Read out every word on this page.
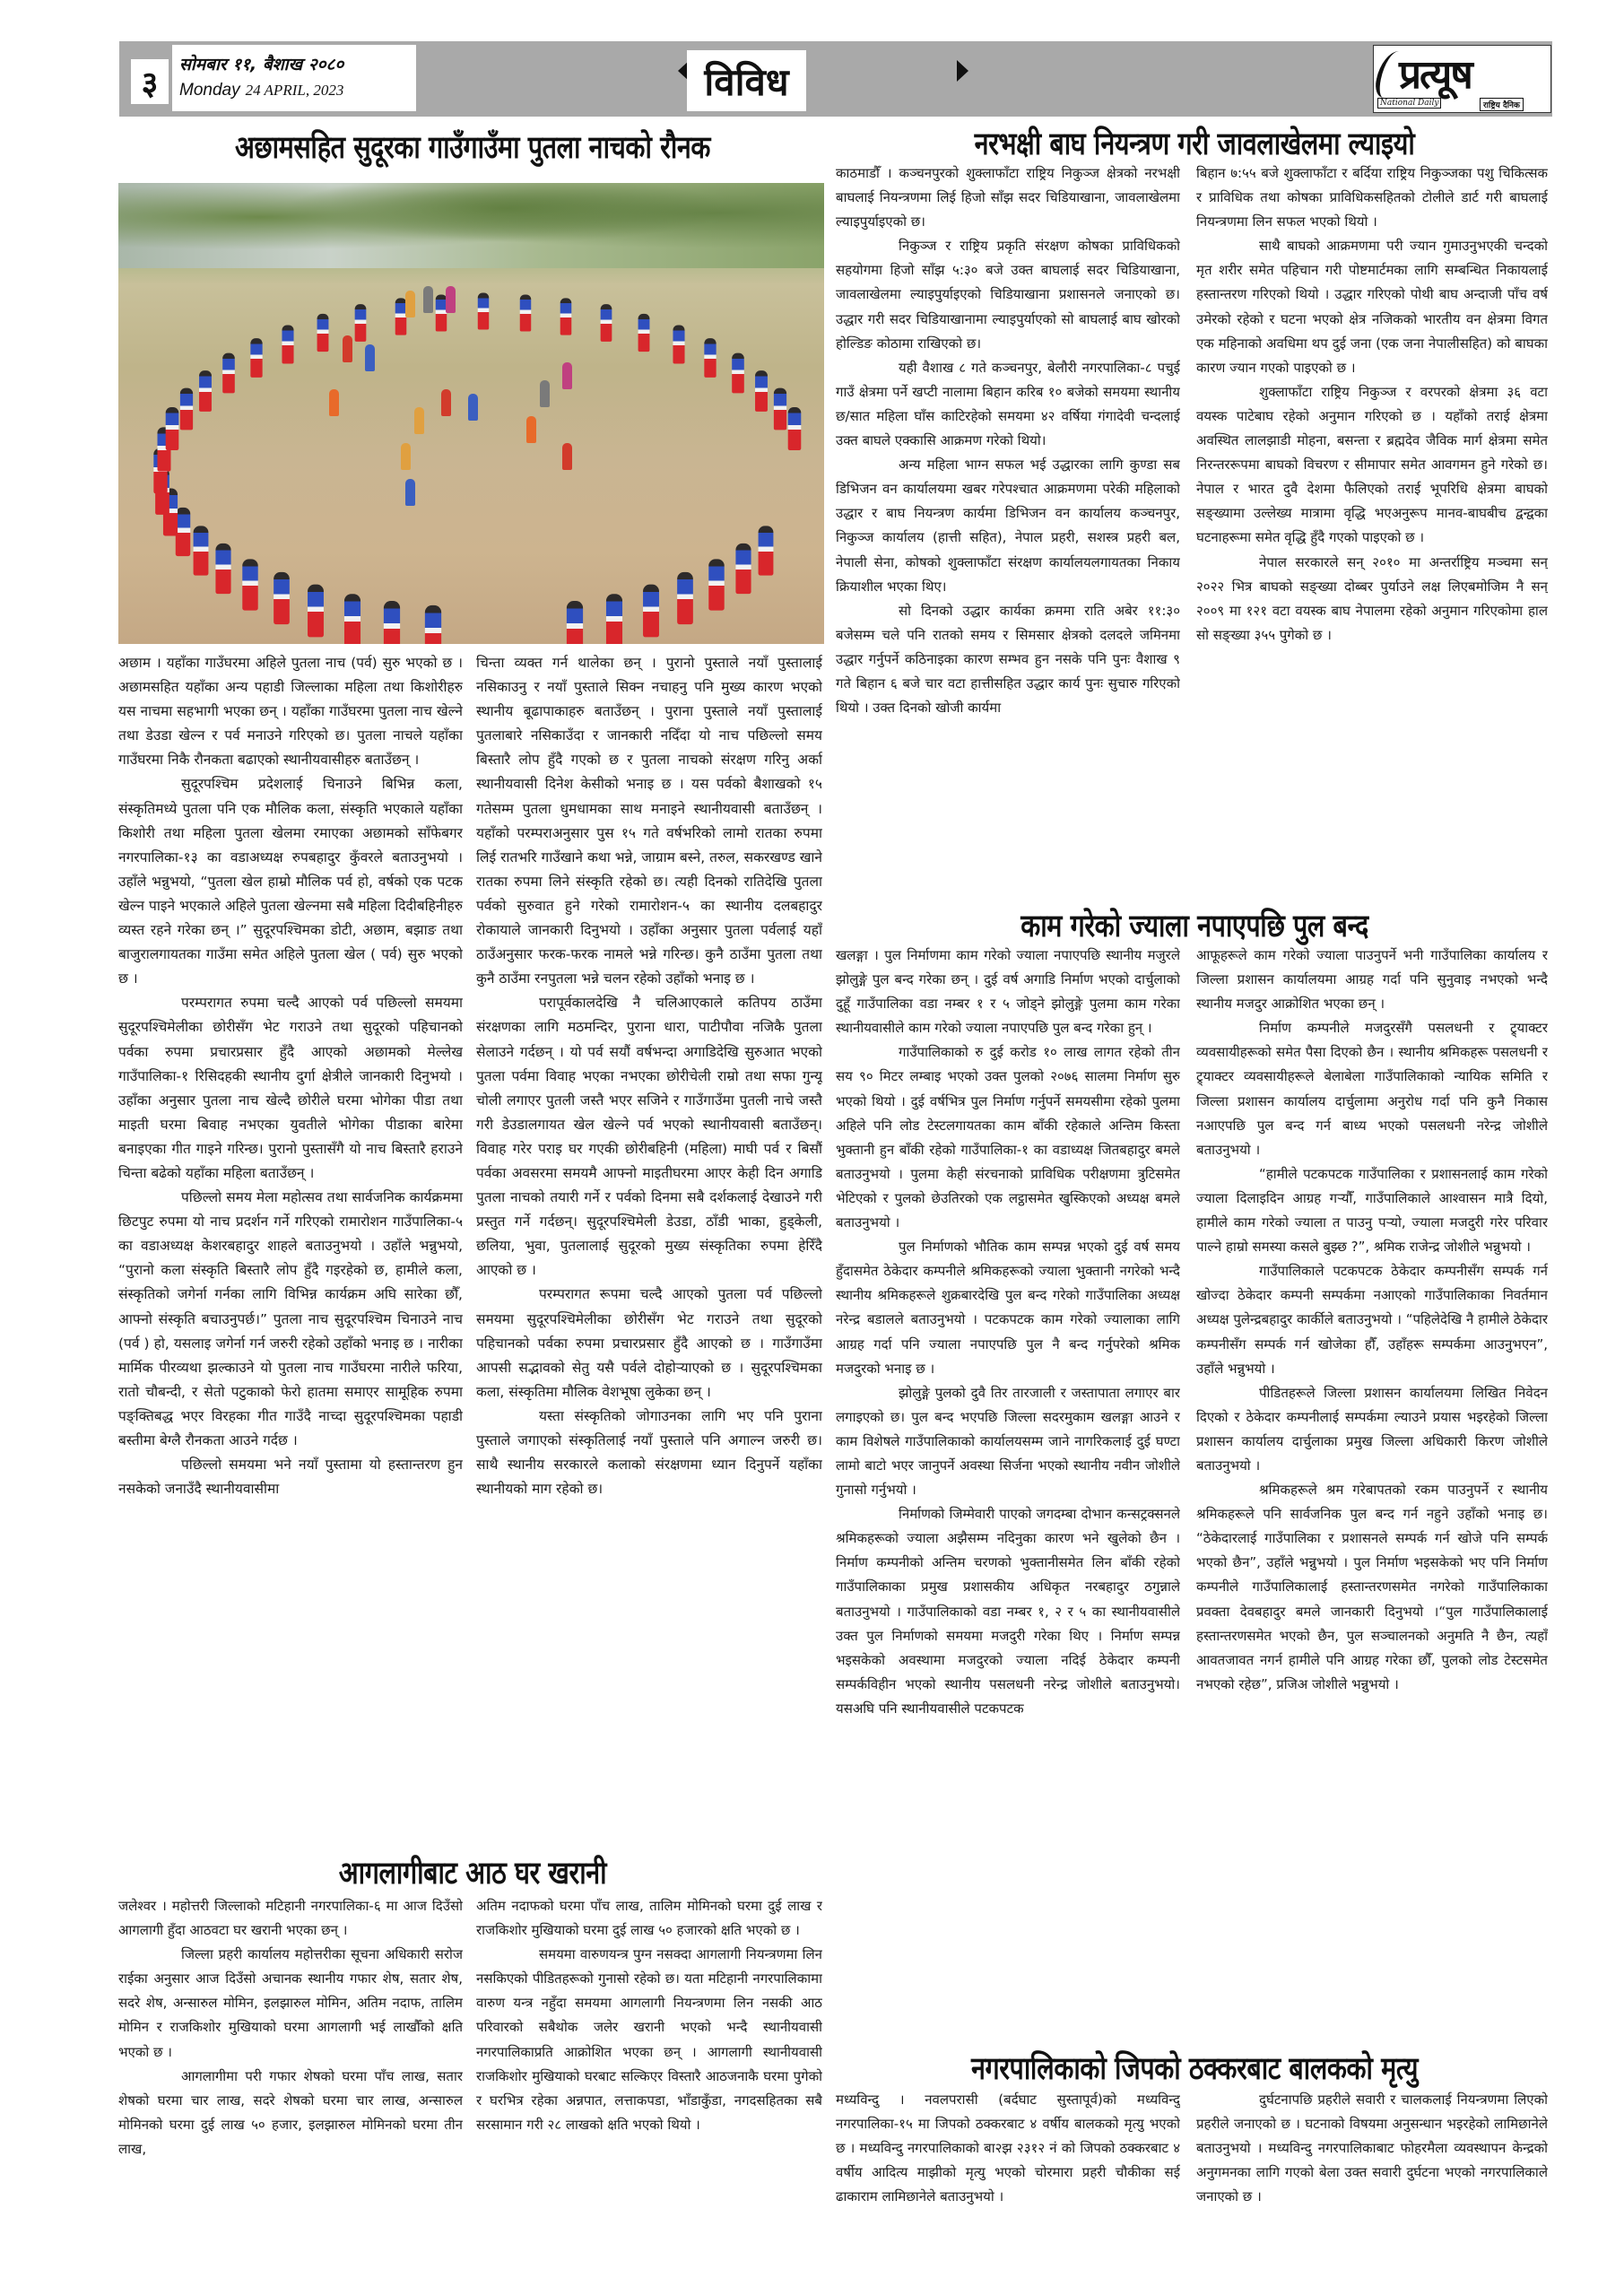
३
सोमबार ११, बैशाख २०८०
Monday 24 APRIL, 2023	विविध	प्रत्यूष
National Daily	राष्ट्रिय दैनिक
अछामसहित सुदूरका गाउँगाउँमा पुतला नाचको रौनक

अछाम । यहाँका गाउँघरमा अहिले पुतला नाच (पर्व) सुरु भएको छ । अछामसहित यहाँका अन्य पहाडी जिल्लाका महिला तथा किशोरीहरु यस नाचमा सहभागी भएका छन् । यहाँका गाउँघरमा पुतला नाच खेल्ने तथा डेउडा खेल्न र पर्व मनाउने गरिएको छ। पुतला नाचले यहाँका गाउँघरमा निकै रौनकता बढाएको स्थानीयवासीहरु बताउँछन् ।

सुदूरपश्चिम प्रदेशलाई चिनाउने बिभिन्न कला, संस्कृतिमध्ये पुतला पनि एक मौलिक कला, संस्कृति भएकाले यहाँका किशोरी तथा महिला पुतला खेलमा रमाएका अछामको साँफेबगर नगरपालिका-१३ का वडाअध्यक्ष रुपबहादुर कुँवरले बताउनुभयो । उहाँले भन्नुभयो, “पुतला खेल हाम्रो मौलिक पर्व हो, वर्षको एक पटक खेल्न पाइने भएकाले अहिले पुतला खेल्नमा सबै महिला दिदीबहिनीहरु व्यस्त रहने गरेका छन् ।” सुदूरपश्चिमका डोटी, अछाम, बझाङ तथा बाजुरालगायतका गाउँमा समेत अहिले पुतला खेल ( पर्व) सुरु भएको छ ।

परम्परागत रुपमा चल्दै आएको पर्व पछिल्लो समयमा सुदूरपश्चिमेलीका छोरीसँग भेट गराउने तथा सुदूरको पहिचानको पर्वका रुपमा प्रचारप्रसार हुँदै आएको अछामको मेल्लेख गाउँपालिका-१ रिसिदहकी स्थानीय दुर्गा क्षेत्रीले जानकारी दिनुभयो । उहाँका अनुसार पुतला नाच खेल्दै छोरीले घरमा भोगेका पीडा तथा माइती घरमा बिवाह नभएका युवतीले भोगेका पीडाका बारेमा बनाइएका गीत गाइने गरिन्छ। पुरानो पुस्तासँगै यो नाच बिस्तारै हराउने चिन्ता बढेको यहाँका महिला बताउँछन् ।

पछिल्लो समय मेला महोत्सव तथा सार्वजनिक कार्यक्रममा छिटपुट रुपमा यो नाच प्रदर्शन गर्ने गरिएको रामारोशन गाउँपालिका-५ का वडाअध्यक्ष केशरबहादुर शाहले बताउनुभयो । उहाँले भन्नुभयो, “पुरानो कला संस्कृति बिस्तारै लोप हुँदै गइरहेको छ, हामीले कला, संस्कृतिको जगेर्ना गर्नका लागि विभिन्न कार्यक्रम अघि सारेका छौँ, आफ्नो संस्कृति बचाउनुपर्छ।” पुतला नाच सुदूरपश्चिम चिनाउने नाच (पर्व ) हो, यसलाइ जगेर्ना गर्न जरुरी रहेको उहाँको भनाइ छ । नारीका मार्मिक पीरव्यथा झल्काउने यो पुतला नाच गाउँघरमा नारीले फरिया, रातो चौबन्दी, र सेतो पटुकाको फेरो हातमा समाएर सामूहिक रुपमा पङ्क्तिबद्ध भएर विरहका गीत गाउँदै नाच्दा सुदूरपश्चिमका पहाडी बस्तीमा बेग्लै रौनकता आउने गर्दछ ।

पछिल्लो समयमा भने नयाँ पुस्तामा यो हस्तान्तरण हुन नसकेको जनाउँदै स्थानीयवासीमा

चिन्ता व्यक्त गर्न थालेका छन् । पुरानो पुस्ताले नयाँ पुस्तालाई नसिकाउनु र नयाँ पुस्ताले सिक्न नचाहनु पनि मुख्य कारण भएको स्थानीय बूढापाकाहरु बताउँछन् । पुराना पुस्ताले नयाँ पुस्तालाई पुतलाबारे नसिकाउँदा र जानकारी नदिँदा यो नाच पछिल्लो समय बिस्तारै लोप हुँदै गएको छ र पुतला नाचको संरक्षण गरिनु अर्का स्थानीयवासी दिनेश केसीको भनाइ छ । यस पर्वको बैशाखको १५ गतेसम्म पुतला धुमधामका साथ मनाइने स्थानीयवासी बताउँछन् । यहाँको परम्पराअनुसार पुस १५ गते वर्षभरिको लामो रातका रुपमा लिई रातभरि गाउँखाने कथा भन्ने, जाग्राम बस्ने, तरुल, सकरखण्ड खाने रातका रुपमा लिने संस्कृति रहेको छ। त्यही दिनको रातिदेखि पुतला पर्वको सुरुवात हुने गरेको रामारोशन-५ का स्थानीय दलबहादुर रोकायाले जानकारी दिनुभयो । उहाँका अनुसार पुतला पर्वलाई यहाँ ठाउँअनुसार फरक-फरक नामले भन्ने गरिन्छ। कुनै ठाउँमा पुतला तथा कुनै ठाउँमा रनपुतला भन्ने चलन रहेको उहाँको भनाइ छ ।

परापूर्वकालदेखि नै चलिआएकाले कतिपय ठाउँमा संरक्षणका लागि मठमन्दिर, पुराना धारा, पाटीपौवा नजिकै पुतला सेलाउने गर्दछन् । यो पर्व सयौं वर्षभन्दा अगाडिदेखि सुरुआत भएको पुतला पर्वमा विवाह भएका नभएका छोरीचेली राम्रो तथा सफा गुन्यू चोली लगाएर पुतली जस्तै भएर सजिने र गाउँगाउँमा पुतली नाचे जस्तै गरी डेउडालगायत खेल खेल्ने पर्व भएको स्थानीयवासी बताउँछन्। विवाह गरेर पराइ घर गएकी छोरीबहिनी (महिला) माघी पर्व र बिसौं पर्वका अवसरमा समयमै आफ्नो माइतीघरमा आएर केही दिन अगाडि पुतला नाचको तयारी गर्ने र पर्वको दिनमा सबै दर्शकलाई देखाउने गरी प्रस्तुत गर्ने गर्दछन्। सुदूरपश्चिमेली डेउडा, ठाँडी भाका, हुड्केली, छलिया, भुवा, पुतलालाई सुदूरको मुख्य संस्कृतिका रुपमा हेरिँदै आएको छ ।

परम्परागत रूपमा चल्दै आएको पुतला पर्व पछिल्लो समयमा सुदूरपश्चिमेलीका छोरीसँग भेट गराउने तथा सुदूरको पहिचानको पर्वका रुपमा प्रचारप्रसार हुँदै आएको छ । गाउँगाउँमा आपसी सद्भावको सेतु यसै पर्वले दोहोर्‍याएको छ । सुदूरपश्चिमका कला, संस्कृतिमा मौलिक वेशभूषा लुकेका छन् ।

यस्ता संस्कृतिको जोगाउनका लागि भए पनि पुराना पुस्ताले जगाएको संस्कृतिलाई नयाँ पुस्ताले पनि अगाल्न जरुरी छ। साथै स्थानीय सरकारले कलाको संरक्षणमा ध्यान दिनुपर्ने यहाँका स्थानीयको माग रहेको छ।

आगलागीबाट आठ घर खरानी

जलेश्वर । महोत्तरी जिल्लाको मटिहानी नगरपालिका-६ मा आज दिउँसो आगलागी हुँदा आठवटा घर खरानी भएका छन् ।

जिल्ला प्रहरी कार्यालय महोत्तरीका सूचना अधिकारी सरोज राईका अनुसार आज दिउँसो अचानक स्थानीय गफार शेष, सतार शेष, सदरे शेष, अन्सारुल मोमिन, इलझारुल मोमिन, अतिम नदाफ, तालिम मोमिन र राजकिशोर मुखियाको घरमा आगलागी भई लाखौँको क्षति भएको छ ।

आगलागीमा परी गफार शेषको घरमा पाँच लाख, सतार शेषको घरमा चार लाख, सदरे शेषको घरमा चार लाख, अन्सारुल मोमिनको घरमा दुई लाख ५० हजार, इलझारुल मोमिनको घरमा तीन लाख,

अतिम नदाफको घरमा पाँच लाख, तालिम मोमिनको घरमा दुई लाख र राजकिशोर मुखियाको घरमा दुई लाख ५० हजारको क्षति भएको छ ।

समयमा वारुणयन्त्र पुग्न नसक्दा आगलागी नियन्त्रणमा लिन नसकिएको पीडितहरूको गुनासो रहेको छ। यता मटिहानी नगरपालिकामा वारुण यन्त्र नहुँदा समयमा आगलागी नियन्त्रणमा लिन नसकी आठ परिवारको सबैथोक जलेर खरानी भएको भन्दै स्थानीयवासी नगरपालिकाप्रति आक्रोशित भएका छन् । आगलागी स्थानीयवासी राजकिशोर मुखियाको घरबाट सल्किएर विस्तारै आठजनाकै घरमा पुगेको र घरभित्र रहेका अन्नपात, लत्ताकपडा, भाँडाकुँडा, नगदसहितका सबै सरसामान गरी २८ लाखको क्षति भएको थियो ।

नरभक्षी बाघ नियन्त्रण गरी जावलाखेलमा ल्याइयो

काठमाडौँ । कञ्चनपुरको शुक्लाफाँटा राष्ट्रिय निकुञ्ज क्षेत्रको नरभक्षी बाघलाई नियन्त्रणमा लिई हिजो साँझ सदर चिडियाखाना, जावलाखेलमा ल्याइपुर्याइएको छ।

निकुञ्ज र राष्ट्रिय प्रकृति संरक्षण कोषका प्राविधिकको सहयोगमा हिजो साँझ ५:३० बजे उक्त बाघलाई सदर चिडियाखाना, जावलाखेलमा ल्याइपुर्याइएको चिडियाखाना प्रशासनले जनाएको छ। उद्धार गरी सदर चिडियाखानामा ल्याइपुर्याएको सो बाघलाई बाघ खोरको होल्डिङ कोठामा राखिएको छ।

यही वैशाख ८ गते कञ्चनपुर, बेलौरी नगरपालिका-८ पचुई गाउँ क्षेत्रमा पर्ने खप्टी नालामा बिहान करिब १० बजेको समयमा स्थानीय छ/सात महिला घाँस काटिरहेको समयमा ४२ वर्षिया गंगादेवी चन्दलाई उक्त बाघले एक्कासि आक्रमण गरेको थियो।

अन्य महिला भाग्न सफल भई उद्धारका लागि कुण्डा सब डिभिजन वन कार्यालयमा खबर गरेपश्चात आक्रमणमा परेकी महिलाको उद्धार र बाघ नियन्त्रण कार्यमा डिभिजन वन कार्यालय कञ्चनपुर, निकुञ्ज कार्यालय (हात्ती सहित), नेपाल प्रहरी, सशस्त्र प्रहरी बल, नेपाली सेना, कोषको शुक्लाफाँटा संरक्षण कार्यालयलगायतका निकाय क्रियाशील भएका थिए।

सो दिनको उद्धार कार्यका क्रममा राति अबेर ११:३० बजेसम्म चले पनि रातको समय र सिमसार क्षेत्रको दलदले जमिनमा उद्धार गर्नुपर्ने कठिनाइका कारण सम्भव हुन नसके पनि पुनः वैशाख ९ गते बिहान ६ बजे चार वटा हात्तीसहित उद्धार कार्य पुनः सुचारु गरिएको थियो । उक्त दिनको खोजी कार्यमा

बिहान ७:५५ बजे शुक्लाफाँटा र बर्दिया राष्ट्रिय निकुञ्जका पशु चिकित्सक र प्राविधिक तथा कोषका प्राविधिकसहितको टोलीले डार्ट गरी बाघलाई नियन्त्रणमा लिन सफल भएको थियो ।

साथै बाघको आक्रमणमा परी ज्यान गुमाउनुभएकी चन्दको मृत शरीर समेत पहिचान गरी पोष्टमार्टमका लागि सम्बन्धित निकायलाई हस्तान्तरण गरिएको थियो । उद्धार गरिएको पोथी बाघ अन्दाजी पाँच वर्ष उमेरको रहेको र घटना भएको क्षेत्र नजिकको भारतीय वन क्षेत्रमा विगत एक महिनाको अवधिमा थप दुई जना (एक जना नेपालीसहित) को बाघका कारण ज्यान गएको पाइएको छ ।

शुक्लाफाँटा राष्ट्रिय निकुञ्ज र वरपरको क्षेत्रमा ३६ वटा वयस्क पाटेबाघ रहेको अनुमान गरिएको छ । यहाँको तराई क्षेत्रमा अवस्थित लालझाडी मोहना, बसन्ता र ब्रह्मदेव जैविक मार्ग क्षेत्रमा समेत निरन्तररूपमा बाघको विचरण र सीमापार समेत आवगमन हुने गरेको छ। नेपाल र भारत दुवै देशमा फैलिएको तराई भूपरिधि क्षेत्रमा बाघको सङ्ख्यामा उल्लेख्य मात्रामा वृद्धि भएअनुरूप मानव-बाघबीच द्वन्द्वका घटनाहरूमा समेत वृद्धि हुँदै गएको पाइएको छ ।

नेपाल सरकारले सन् २०१० मा अन्तर्राष्ट्रिय मञ्चमा सन् २०२२ भित्र बाघको सङ्ख्या दोब्बर पुर्याउने लक्ष लिएबमोजिम नै सन् २००९ मा १२१ वटा वयस्क बाघ नेपालमा रहेको अनुमान गरिएकोमा हाल सो सङ्ख्या ३५५ पुगेको छ ।

काम गरेको ज्याला नपाएपछि पुल बन्द

खलङ्गा । पुल निर्माणमा काम गरेको ज्याला नपाएपछि स्थानीय मजुरले झोलुङ्गे पुल बन्द गरेका छन् । दुई वर्ष अगाडि निर्माण भएको दार्चुलाको दुहूँ गाउँपालिका वडा नम्बर १ र ५ जोड्ने झोलुङ्गे पुलमा काम गरेका स्थानीयवासीले काम गरेको ज्याला नपाएपछि पुल बन्द गरेका हुन् ।

गाउँपालिकाको रु दुई करोड १० लाख लागत रहेको तीन सय ९० मिटर लम्बाइ भएको उक्त पुलको २०७६ सालमा निर्माण सुरु भएको थियो । दुई वर्षभित्र पुल निर्माण गर्नुपर्ने समयसीमा रहेको पुलमा अहिले पनि लोड टेस्टलगायतका काम बाँकी रहेकाले अन्तिम किस्ता भुक्तानी हुन बाँकी रहेको गाउँपालिका-१ का वडाध्यक्ष जितबहादुर बमले बताउनुभयो । पुलमा केही संरचनाको प्राविधिक परीक्षणमा त्रुटिसमेत भेटिएको र पुलको छेउतिरको एक लट्ठासमेत खुस्किएको अध्यक्ष बमले बताउनुभयो ।

पुल निर्माणको भौतिक काम सम्पन्न भएको दुई वर्ष समय हुँदासमेत ठेकेदार कम्पनीले श्रमिकहरूको ज्याला भुक्तानी नगरेको भन्दै स्थानीय श्रमिकहरूले शुक्रबारदेखि पुल बन्द गरेको गाउँपालिका अध्यक्ष नरेन्द्र बडालले बताउनुभयो । पटकपटक काम गरेको ज्यालाका लागि आग्रह गर्दा पनि ज्याला नपाएपछि पुल नै बन्द गर्नुपरेको श्रमिक मजदुरको भनाइ छ ।

झोलुङ्गे पुलको दुवै तिर तारजाली र जस्तापाता लगाएर बार लगाइएको छ। पुल बन्द भएपछि जिल्ला सदरमुकाम खलङ्गा आउने र काम विशेषले गाउँपालिकाको कार्यालयसम्म जाने नागरिकलाई दुई घण्टा लामो बाटो भएर जानुपर्ने अवस्था सिर्जना भएको स्थानीय नवीन जोशीले गुनासो गर्नुभयो ।

निर्माणको जिम्मेवारी पाएको जगदम्बा दोभान कन्सट्रक्सनले श्रमिकहरूको ज्याला अझैसम्म नदिनुका कारण भने खुलेको छैन । निर्माण कम्पनीको अन्तिम चरणको भुक्तानीसमेत लिन बाँकी रहेको गाउँपालिकाका प्रमुख प्रशासकीय अधिकृत नरबहादुर ठगुन्नाले बताउनुभयो । गाउँपालिकाको वडा नम्बर १, २ र ५ का स्थानीयवासीले उक्त पुल निर्माणको समयमा मजदुरी गरेका थिए । निर्माण सम्पन्न भइसकेको अवस्थामा मजदुरको ज्याला नदिई ठेकेदार कम्पनी सम्पर्कविहीन भएको स्थानीय पसलधनी नरेन्द्र जोशीले बताउनुभयो। यसअघि पनि स्थानीयवासीले पटकपटक

आफूहरूले काम गरेको ज्याला पाउनुपर्ने भनी गाउँपालिका कार्यालय र जिल्ला प्रशासन कार्यालयमा आग्रह गर्दा पनि सुनुवाइ नभएको भन्दै स्थानीय मजदुर आक्रोशित भएका छन् ।

निर्माण कम्पनीले मजदुरसँगै पसलधनी र ट्र्याक्टर व्यवसायीहरूको समेत पैसा दिएको छैन । स्थानीय श्रमिकहरू पसलधनी र ट्र्याक्टर व्यवसायीहरूले बेलाबेला गाउँपालिकाको न्यायिक समिति र जिल्ला प्रशासन कार्यालय दार्चुलामा अनुरोध गर्दा पनि कुनै निकास नआएपछि पुल बन्द गर्न बाध्य भएको पसलधनी नरेन्द्र जोशीले बताउनुभयो ।

“हामीले पटकपटक गाउँपालिका र प्रशासनलाई काम गरेको ज्याला दिलाइदिन आग्रह गर्‍यौँ, गाउँपालिकाले आश्वासन मात्रै दियो, हामीले काम गरेको ज्याला त पाउनु पर्‍यो, ज्याला मजदुरी गरेर परिवार पाल्ने हाम्रो समस्या कसले बुझ्छ ?”, श्रमिक राजेन्द्र जोशीले भन्नुभयो ।

गाउँपालिकाले पटकपटक ठेकेदार कम्पनीसँग सम्पर्क गर्न खोज्दा ठेकेदार कम्पनी सम्पर्कमा नआएको गाउँपालिकाका निवर्तमान अध्यक्ष पुलेन्द्रबहादुर कार्कीले बताउनुभयो । “पहिलेदेखि नै हामीले ठेकेदार कम्पनीसँग सम्पर्क गर्न खोजेका हौँ, उहाँहरू सम्पर्कमा आउनुभएन”, उहाँले भन्नुभयो ।

पीडितहरूले जिल्ला प्रशासन कार्यालयमा लिखित निवेदन दिएको र ठेकेदार कम्पनीलाई सम्पर्कमा ल्याउने प्रयास भइरहेको जिल्ला प्रशासन कार्यालय दार्चुलाका प्रमुख जिल्ला अधिकारी किरण जोशीले बताउनुभयो ।

श्रमिकहरूले श्रम गरेबापतको रकम पाउनुपर्ने र स्थानीय श्रमिकहरूले पनि सार्वजनिक पुल बन्द गर्न नहुने उहाँको भनाइ छ। “ठेकेदारलाई गाउँपालिका र प्रशासनले सम्पर्क गर्न खोजे पनि सम्पर्क भएको छैन”, उहाँले भन्नुभयो । पुल निर्माण भइसकेको भए पनि निर्माण कम्पनीले गाउँपालिकालाई हस्तान्तरणसमेत नगरेको गाउँपालिकाका प्रवक्ता देवबहादुर बमले जानकारी दिनुभयो ।“पुल गाउँपालिकालाई हस्तान्तरणसमेत भएको छैन, पुल सञ्चालनको अनुमति नै छैन, त्यहाँ आवतजावत नगर्न हामीले पनि आग्रह गरेका छौँ, पुलको लोड टेस्टसमेत नभएको रहेछ”, प्रजिअ जोशीले भन्नुभयो ।

नगरपालिकाको जिपको ठक्करबाट बालकको मृत्यु

मध्यविन्दु । नवलपरासी (बर्दघाट सुस्तापूर्व)को मध्यविन्दु नगरपालिका-१५ मा जिपको ठक्करबाट ४ वर्षीय बालकको मृत्यु भएको छ । मध्यविन्दु नगरपालिकाको बा२झ २३१२ नं को जिपको ठक्करबाट ४ वर्षीय आदित्य माझीको मृत्यु भएको चोरमारा प्रहरी चौकीका सई ढाकाराम लामिछानेले बताउनुभयो ।

दुर्घटनापछि प्रहरीले सवारी र चालकलाई नियन्त्रणमा लिएको प्रहरीले जनाएको छ । घटनाको विषयमा अनुसन्धान भइरहेको लामिछानेले बताउनुभयो । मध्यविन्दु नगरपालिकाबाट फोहरमैला व्यवस्थापन केन्द्रको अनुगमनका लागि गएको बेला उक्त सवारी दुर्घटना भएको नगरपालिकाले जनाएको छ ।
